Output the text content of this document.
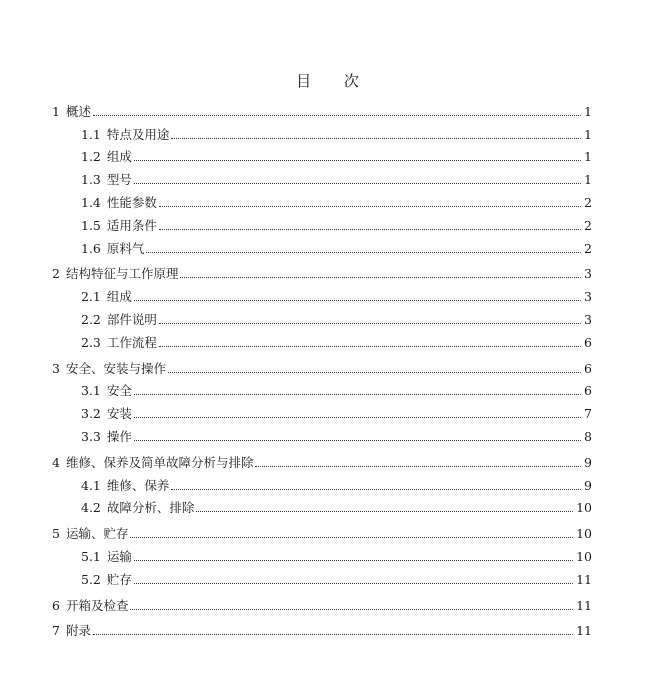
目 次
1 概述	1
1.1 特点及用途	1
1.2 组成	1
1.3 型号	1
1.4 性能参数	2
1.5 适用条件	2
1.6 原料气	2
2 结构特征与工作原理	3
2.1 组成	3
2.2 部件说明	3
2.3 工作流程	6
3 安全、安装与操作	6
3.1 安全	6
3.2 安装	7
3.3 操作	8
4 维修、保养及简单故障分析与排除	9
4.1 维修、保养	9
4.2 故障分析、排除	10
5 运输、贮存	10
5.1 运输	10
5.2 贮存	11
6 开箱及检查	11
7 附录	11
